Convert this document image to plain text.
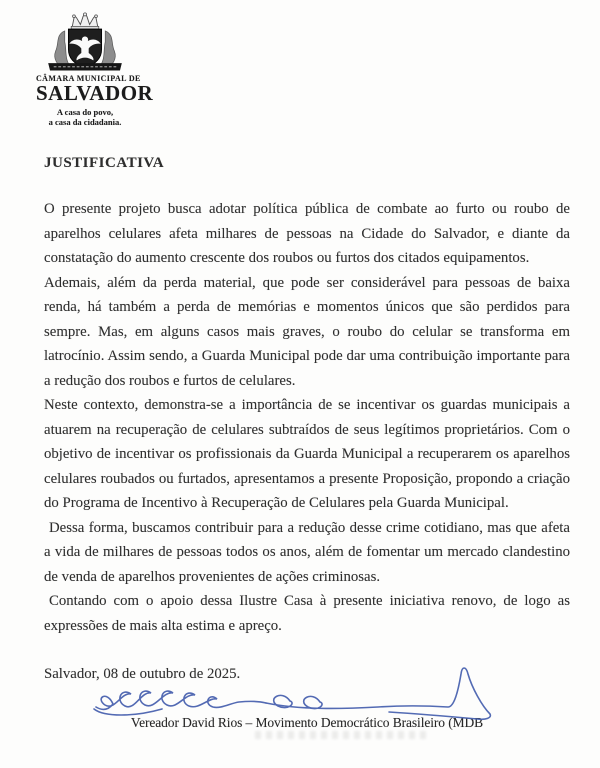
CÂMARA MUNICIPAL DE
SALVADOR
A casa do povo,
a casa da cidadania.
JUSTIFICATIVA

O presente projeto busca adotar política pública de combate ao furto ou roubo de aparelhos celulares afeta milhares de pessoas na Cidade do Salvador, e diante da constatação do aumento crescente dos roubos ou furtos dos citados equipamentos.

Ademais, além da perda material, que pode ser considerável para pessoas de baixa renda, há também a perda de memórias e momentos únicos que são perdidos para sempre. Mas, em alguns casos mais graves, o roubo do celular se transforma em latrocínio. Assim sendo, a Guarda Municipal pode dar uma contribuição importante para a redução dos roubos e furtos de celulares.

Neste contexto, demonstra-se a importância de se incentivar os guardas municipais a atuarem na recuperação de celulares subtraídos de seus legítimos proprietários. Com o objetivo de incentivar os profissionais da Guarda Municipal a recuperarem os aparelhos celulares roubados ou furtados, apresentamos a presente Proposição, propondo a criação do Programa de Incentivo à Recuperação de Celulares pela Guarda Municipal.

Dessa forma, buscamos contribuir para a redução desse crime cotidiano, mas que afeta a vida de milhares de pessoas todos os anos, além de fomentar um mercado clandestino de venda de aparelhos provenientes de ações criminosas.

Contando com o apoio dessa Ilustre Casa à presente iniciativa renovo, de logo as expressões de mais alta estima e apreço.

Salvador, 08 de outubro de 2025.

Vereador David Rios – Movimento Democrático Brasileiro (MDB
